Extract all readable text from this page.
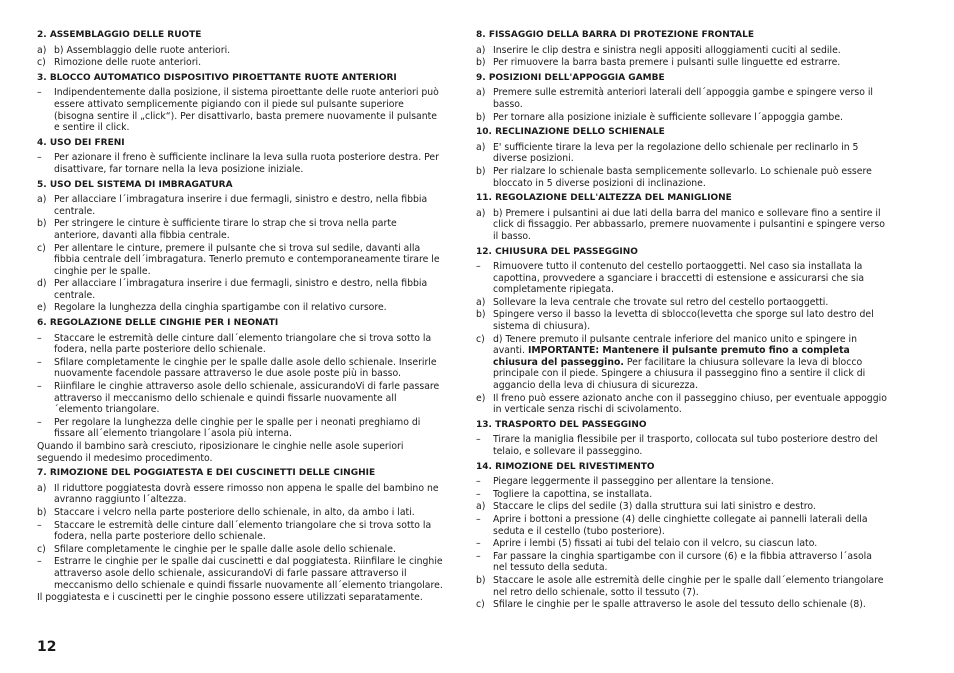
2. ASSEMBLAGGIO DELLE RUOTE
a) b) Assemblaggio delle ruote anteriori.
c) Rimozione delle ruote anteriori.
3. BLOCCO AUTOMATICO DISPOSITIVO PIROETTANTE RUOTE ANTERIORI
–	Indipendentemente dalla posizione, il sistema piroettante delle ruote anteriori può essere attivato semplicemente pigiando con il piede sul pulsante superiore (bisogna sentire il „click“). Per disattivarlo, basta premere nuovamente il pulsante e sentire il click.
4. USO DEI FRENI
–	Per azionare il freno è sufficiente inclinare la leva sulla ruota posteriore destra. Per disattivare, far tornare nella la leva posizione iniziale.
5. USO DEL SISTEMA DI IMBRAGATURA
a) Per allacciare l´imbragatura inserire i due fermagli, sinistro e destro, nella fibbia centrale.
b) Per stringere le cinture è sufficiente tirare lo strap che si trova nella parte anteriore, davanti alla fibbia centrale.
c) Per allentare le cinture, premere il pulsante che si trova sul sedile, davanti alla fibbia centrale dell´imbragatura. Tenerlo premuto e contemporaneamente tirare le cinghie per le spalle.
d) Per allacciare l´imbragatura inserire i due fermagli, sinistro e destro, nella fibbia centrale.
e) Regolare la lunghezza della cinghia spartigambe con il relativo cursore.
6. REGOLAZIONE DELLE CINGHIE PER I NEONATI
–	Staccare le estremità delle cinture dall´elemento triangolare che si trova sotto la fodera, nella parte posteriore dello schienale.
–	Sfilare completamente le cinghie per le spalle dalle asole dello schienale. Inserirle nuovamente facendole passare attraverso le due asole poste più in basso.
–	Riinfilare le cinghie attraverso asole dello schienale, assicurandoVi di farle passare attraverso il meccanismo dello schienale e quindi fissarle nuovamente all´elemento triangolare.
–	Per regolare la lunghezza delle cinghie per le spalle per i neonati preghiamo di fissare all´elemento triangolare l´asola più interna.
Quando il bambino sarà cresciuto, riposizionare le cinghie nelle asole superiori seguendo il medesimo procedimento.
7. RIMOZIONE DEL POGGIATESTA E DEI CUSCINETTI DELLE CINGHIE
a) Il riduttore poggiatesta dovrà essere rimosso non appena le spalle del bambino ne avranno raggiunto l´altezza.
b) Staccare i velcro nella parte posteriore dello schienale, in alto, da ambo i lati.
–	Staccare le estremità delle cinture dall´elemento triangolare che si trova sotto la fodera, nella parte posteriore dello schienale.
c) Sfilare completamente le cinghie per le spalle dalle asole dello schienale.
–	Estrarre le cinghie per le spalle dai cuscinetti e dal poggiatesta. Riinfilare le cinghie attraverso asole dello schienale, assicurandoVi di farle passare attraverso il meccanismo dello schienale e quindi fissarle nuovamente all´elemento triangolare.
Il poggiatesta e i cuscinetti per le cinghie possono essere utilizzati separatamente.
8. FISSAGGIO DELLA BARRA DI PROTEZIONE FRONTALE
a) Inserire le clip destra e sinistra negli appositi alloggiamenti cuciti al sedile.
b) Per rimuovere la barra basta premere i pulsanti sulle linguette ed estrarre.
9. POSIZIONI DELL'APPOGGIA GAMBE
a) Premere sulle estremità anteriori laterali dell´appoggia gambe e spingere verso il basso.
b) Per tornare alla posizione iniziale è sufficiente sollevare l´appoggia gambe.
10. RECLINAZIONE DELLO SCHIENALE
a) E' sufficiente tirare la leva per la regolazione dello schienale per reclinarlo in 5 diverse posizioni.
b) Per rialzare lo schienale basta semplicemente sollevarlo. Lo schienale può essere bloccato in 5 diverse posizioni di inclinazione.
11. REGOLAZIONE DELL'ALTEZZA DEL MANIGLIONE
a) b) Premere i pulsantini ai due lati della barra del manico e sollevare fino a sentire il click di fissaggio. Per abbassarlo, premere nuovamente i pulsantini e spingere verso il basso.
12. CHIUSURA DEL PASSEGGINO
–	Rimuovere tutto il contenuto del cestello portaoggetti. Nel caso sia installata la capottina, provvedere a sganciare i braccetti di estensione e assicurarsi che sia completamente ripiegata.
a) Sollevare la leva centrale che trovate sul retro del cestello portaoggetti.
b) Spingere verso il basso la levetta di sblocco(levetta che sporge sul lato destro del sistema di chiusura).
c) d) Tenere premuto il pulsante centrale inferiore del manico unito e spingere in avanti. IMPORTANTE: Mantenere il pulsante premuto fino a completa chiusura del passeggino. Per facilitare la chiusura sollevare la leva di blocco principale con il piede. Spingere a chiusura il passeggino fino a sentire il click di aggancio della leva di chiusura di sicurezza.
e) Il freno può essere azionato anche con il passeggino chiuso, per eventuale appoggio in verticale senza rischi di scivolamento.
13. TRASPORTO DEL PASSEGGINO
–	Tirare la maniglia flessibile per il trasporto, collocata sul tubo posteriore destro del telaio, e sollevare il passeggino.
14. RIMOZIONE DEL RIVESTIMENTO
–	Piegare leggermente il passeggino per allentare la tensione.
–	Togliere la capottina, se installata.
a) Staccare le clips del sedile (3) dalla struttura sui lati sinistro e destro.
–	Aprire i bottoni a pressione (4) delle cinghiette collegate ai pannelli laterali della seduta e il cestello (tubo posteriore).
–	Aprire i lembi (5) fissati ai tubi del telaio con il velcro, su ciascun lato.
–	Far passare la cinghia spartigambe con il cursore (6) e la fibbia attraverso l´asola nel tessuto della seduta.
b) Staccare le asole alle estremità delle cinghie per le spalle dall´elemento triangolare nel retro dello schienale, sotto il tessuto (7).
c) Sfilare le cinghie per le spalle attraverso le asole del tessuto dello schienale (8).
12
